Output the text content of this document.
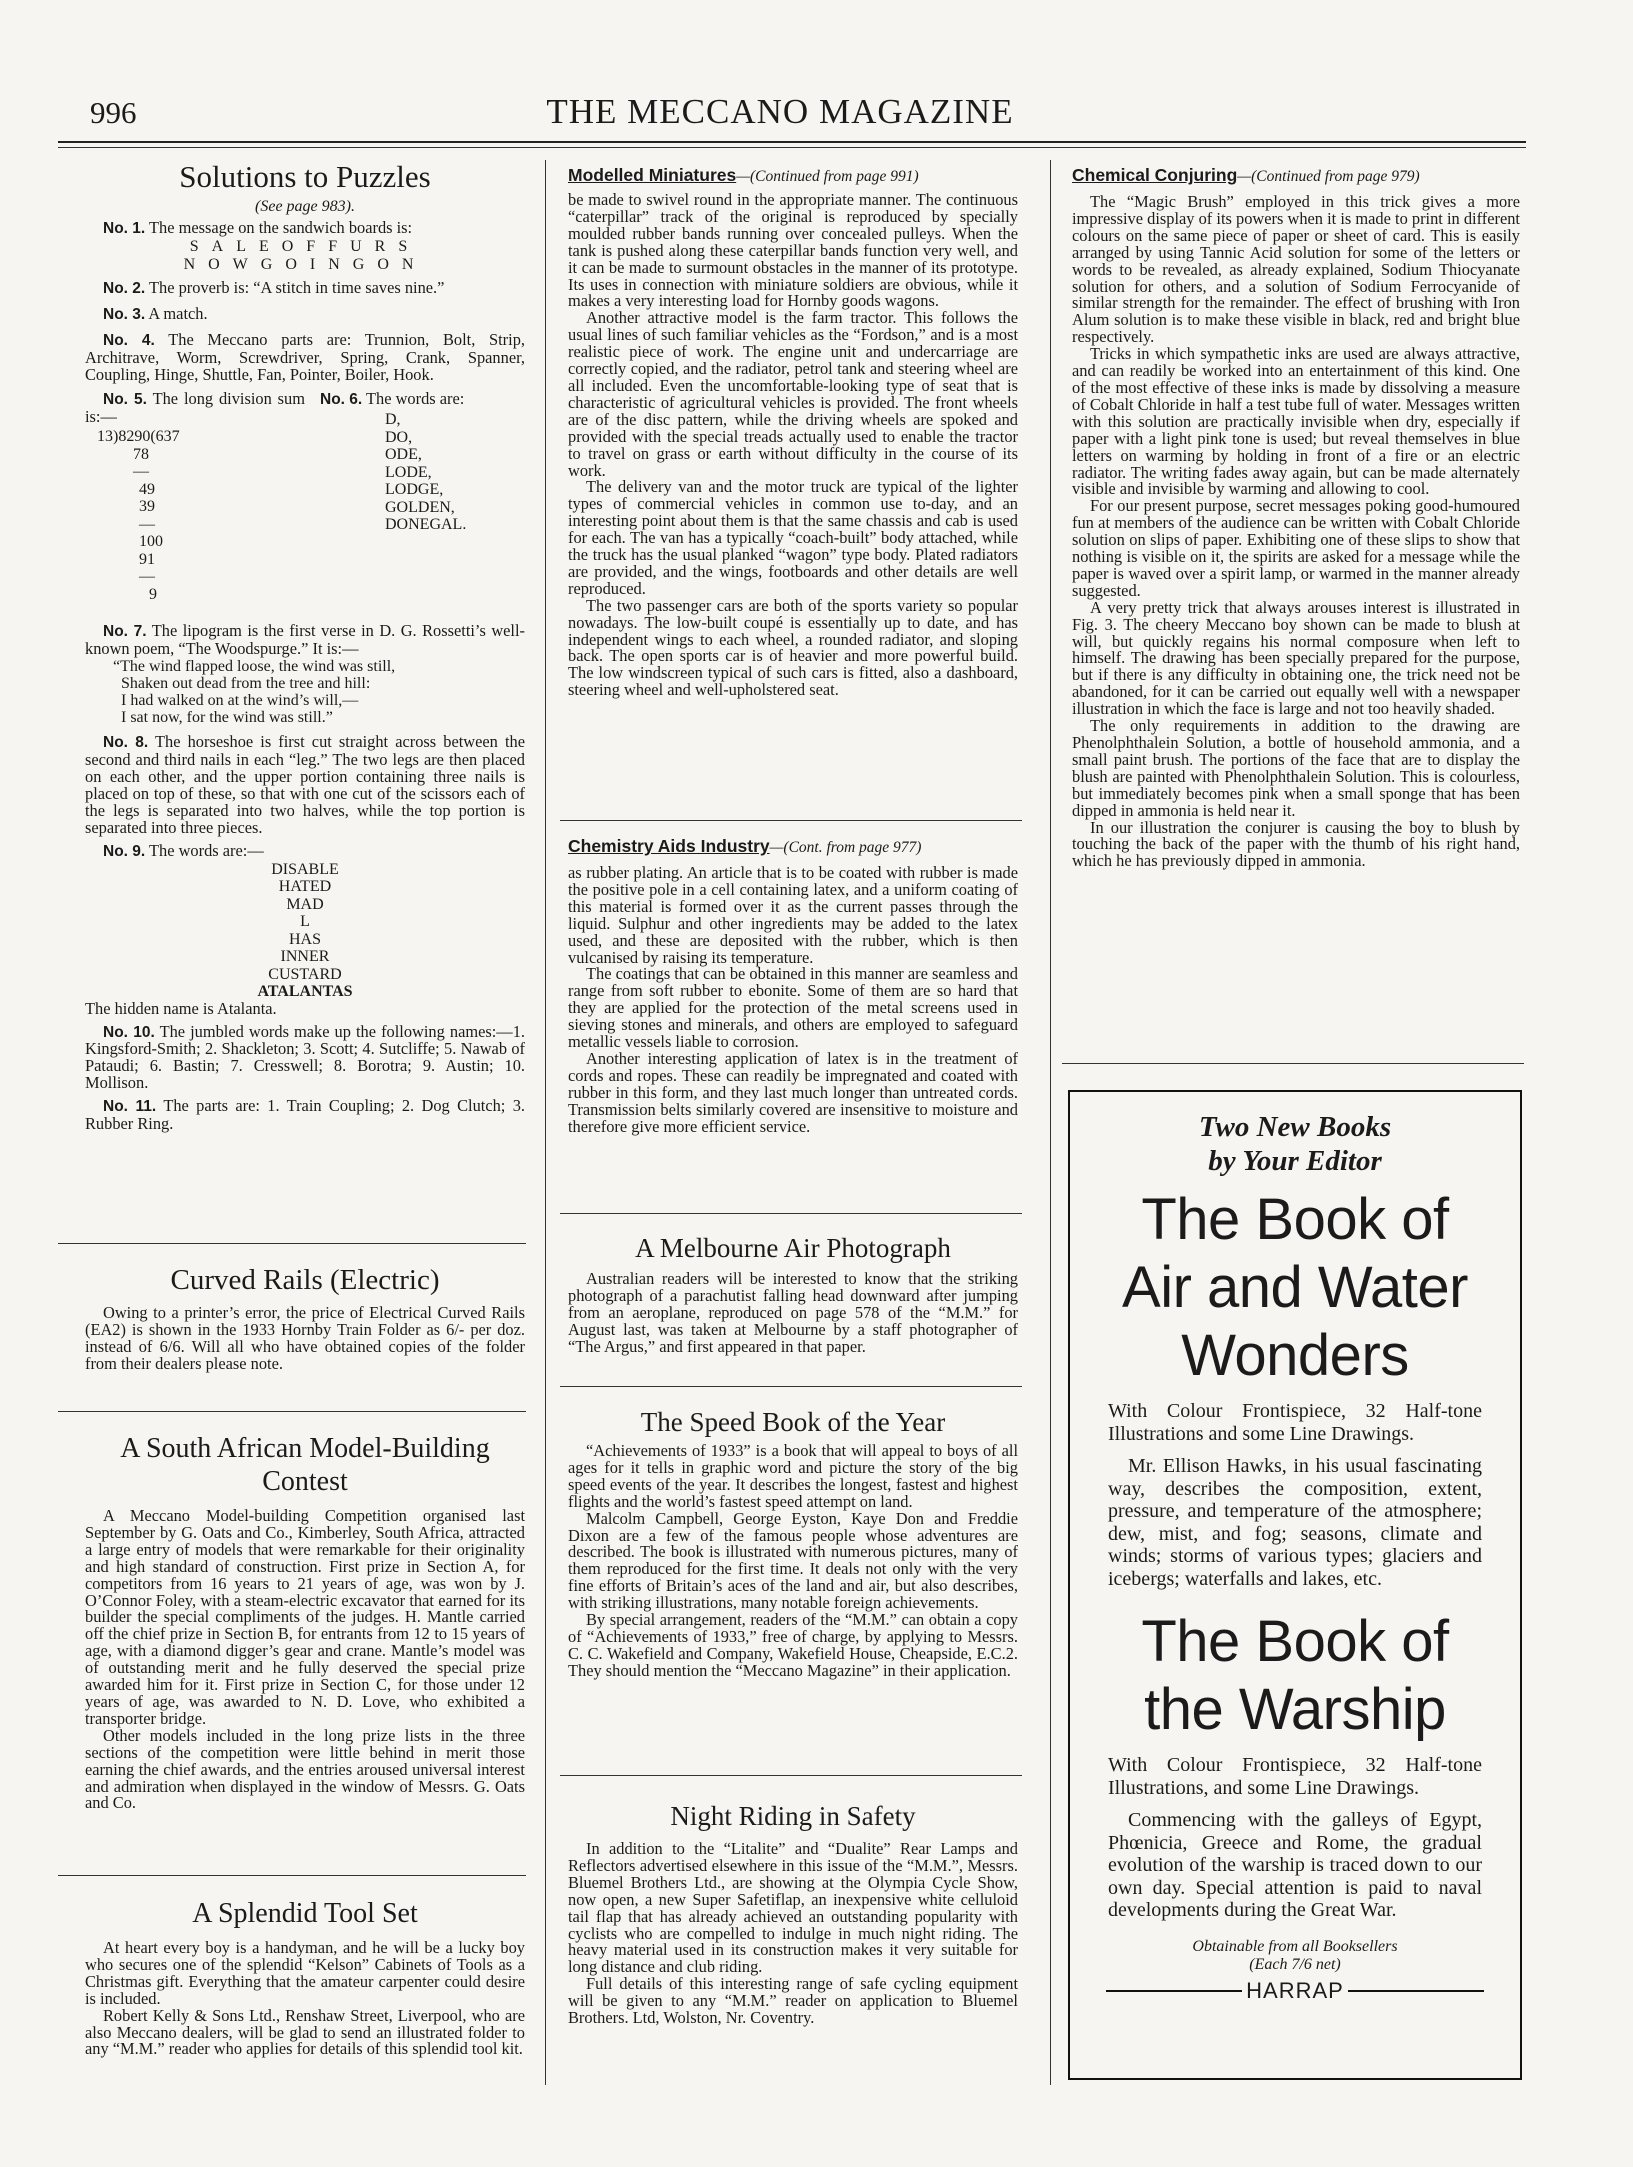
996	THE MECCANO MAGAZINE
Solutions to Puzzles
(See page 983).

No. 1. The message on the sandwich boards is:

SALEOFFURS
NOWGOINGON

No. 2. The proverb is: “A stitch in time saves nine.”

No. 3. A match.

No. 4. The Meccano parts are: Trunnion, Bolt, Strip, Architrave, Worm, Screwdriver, Spring, Crank, Spanner, Coupling, Hinge, Shuttle, Fan, Pointer, Boiler, Hook.

No. 5. The long division sum is:—

13)8290(637
78
—
49
39
—
100
91
—
9

No. 6. The words are:

D,
DO,
ODE,
LODE,
LODGE,
GOLDEN,
DONEGAL.

No. 7. The lipogram is the first verse in D. G. Rossetti’s well-known poem, “The Woodspurge.” It is:—

“The wind flapped loose, the wind was still,
Shaken out dead from the tree and hill:
I had walked on at the wind’s will,—
I sat now, for the wind was still.”

No. 8. The horseshoe is first cut straight across between the second and third nails in each “leg.” The two legs are then placed on each other, and the upper portion containing three nails is placed on top of these, so that with one cut of the scissors each of the legs is separated into two halves, while the top portion is separated into three pieces.

No. 9. The words are:—

DISABLE
HATED
MAD
L
HAS
INNER
CUSTARD
ATALANTAS

The hidden name is Atalanta.

No. 10. The jumbled words make up the following names:—1. Kingsford-Smith; 2. Shackleton; 3. Scott; 4. Sutcliffe; 5. Nawab of Pataudi; 6. Bastin; 7. Cresswell; 8. Borotra; 9. Austin; 10. Mollison.

No. 11. The parts are: 1. Train Coupling; 2. Dog Clutch; 3. Rubber Ring.

Curved Rails (Electric)

Owing to a printer’s error, the price of Electrical Curved Rails (EA2) is shown in the 1933 Hornby Train Folder as 6/- per doz. instead of 6/6. Will all who have obtained copies of the folder from their dealers please note.

A South African Model-Building Contest

A Meccano Model-building Competition organised last September by G. Oats and Co., Kimberley, South Africa, attracted a large entry of models that were remarkable for their originality and high standard of construction. First prize in Section A, for competitors from 16 years to 21 years of age, was won by J. O’Connor Foley, with a steam-electric excavator that earned for its builder the special compliments of the judges. H. Mantle carried off the chief prize in Section B, for entrants from 12 to 15 years of age, with a diamond digger’s gear and crane. Mantle’s model was of outstanding merit and he fully deserved the special prize awarded him for it. First prize in Section C, for those under 12 years of age, was awarded to N. D. Love, who exhibited a transporter bridge.

Other models included in the long prize lists in the three sections of the competition were little behind in merit those earning the chief awards, and the entries aroused universal interest and admiration when displayed in the window of Messrs. G. Oats and Co.

A Splendid Tool Set

At heart every boy is a handyman, and he will be a lucky boy who secures one of the splendid “Kelson” Cabinets of Tools as a Christmas gift. Everything that the amateur carpenter could desire is included.

Robert Kelly & Sons Ltd., Renshaw Street, Liverpool, who are also Meccano dealers, will be glad to send an illustrated folder to any “M.M.” reader who applies for details of this splendid tool kit.

Modelled Miniatures—(Continued from page 991)

be made to swivel round in the appropriate manner. The continuous “caterpillar” track of the original is reproduced by specially moulded rubber bands running over concealed pulleys. When the tank is pushed along these caterpillar bands function very well, and it can be made to surmount obstacles in the manner of its prototype. Its uses in connection with miniature soldiers are obvious, while it makes a very interesting load for Hornby goods wagons.

Another attractive model is the farm tractor. This follows the usual lines of such familiar vehicles as the “Fordson,” and is a most realistic piece of work. The engine unit and undercarriage are correctly copied, and the radiator, petrol tank and steering wheel are all included. Even the uncomfortable-looking type of seat that is characteristic of agricultural vehicles is provided. The front wheels are of the disc pattern, while the driving wheels are spoked and provided with the special treads actually used to enable the tractor to travel on grass or earth without difficulty in the course of its work.

The delivery van and the motor truck are typical of the lighter types of commercial vehicles in common use to-day, and an interesting point about them is that the same chassis and cab is used for each. The van has a typically “coach-built” body attached, while the truck has the usual planked “wagon” type body. Plated radiators are provided, and the wings, footboards and other details are well reproduced.

The two passenger cars are both of the sports variety so popular nowadays. The low-built coupé is essentially up to date, and has independent wings to each wheel, a rounded radiator, and sloping back. The open sports car is of heavier and more powerful build. The low windscreen typical of such cars is fitted, also a dashboard, steering wheel and well-upholstered seat.

Chemistry Aids Industry—(Cont. from page 977)

as rubber plating. An article that is to be coated with rubber is made the positive pole in a cell containing latex, and a uniform coating of this material is formed over it as the current passes through the liquid. Sulphur and other ingredients may be added to the latex used, and these are deposited with the rubber, which is then vulcanised by raising its temperature.

The coatings that can be obtained in this manner are seamless and range from soft rubber to ebonite. Some of them are so hard that they are applied for the protection of the metal screens used in sieving stones and minerals, and others are employed to safeguard metallic vessels liable to corrosion.

Another interesting application of latex is in the treatment of cords and ropes. These can readily be impregnated and coated with rubber in this form, and they last much longer than untreated cords. Transmission belts similarly covered are insensitive to moisture and therefore give more efficient service.

A Melbourne Air Photograph

Australian readers will be interested to know that the striking photograph of a parachutist falling head downward after jumping from an aeroplane, reproduced on page 578 of the “M.M.” for August last, was taken at Melbourne by a staff photographer of “The Argus,” and first appeared in that paper.

The Speed Book of the Year

“Achievements of 1933” is a book that will appeal to boys of all ages for it tells in graphic word and picture the story of the big speed events of the year. It describes the longest, fastest and highest flights and the world’s fastest speed attempt on land.

Malcolm Campbell, George Eyston, Kaye Don and Freddie Dixon are a few of the famous people whose adventures are described. The book is illustrated with numerous pictures, many of them reproduced for the first time. It deals not only with the very fine efforts of Britain’s aces of the land and air, but also describes, with striking illustrations, many notable foreign achievements.

By special arrangement, readers of the “M.M.” can obtain a copy of “Achievements of 1933,” free of charge, by applying to Messrs. C. C. Wakefield and Company, Wakefield House, Cheapside, E.C.2. They should mention the “Meccano Magazine” in their application.

Night Riding in Safety

In addition to the “Litalite” and “Dualite” Rear Lamps and Reflectors advertised elsewhere in this issue of the “M.M.”, Messrs. Bluemel Brothers Ltd., are showing at the Olympia Cycle Show, now open, a new Super Safetiflap, an inexpensive white celluloid tail flap that has already achieved an outstanding popularity with cyclists who are compelled to indulge in much night riding. The heavy material used in its construction makes it very suitable for long distance and club riding.

Full details of this interesting range of safe cycling equipment will be given to any “M.M.” reader on application to Bluemel Brothers. Ltd, Wolston, Nr. Coventry.

Chemical Conjuring—(Continued from page 979)

The “Magic Brush” employed in this trick gives a more impressive display of its powers when it is made to print in different colours on the same piece of paper or sheet of card. This is easily arranged by using Tannic Acid solution for some of the letters or words to be revealed, as already explained, Sodium Thiocyanate solution for others, and a solution of Sodium Ferrocyanide of similar strength for the remainder. The effect of brushing with Iron Alum solution is to make these visible in black, red and bright blue respectively.

Tricks in which sympathetic inks are used are always attractive, and can readily be worked into an entertainment of this kind. One of the most effective of these inks is made by dissolving a measure of Cobalt Chloride in half a test tube full of water. Messages written with this solution are practically invisible when dry, especially if paper with a light pink tone is used; but reveal themselves in blue letters on warming by holding in front of a fire or an electric radiator. The writing fades away again, but can be made alternately visible and invisible by warming and allowing to cool.

For our present purpose, secret messages poking good-humoured fun at members of the audience can be written with Cobalt Chloride solution on slips of paper. Exhibiting one of these slips to show that nothing is visible on it, the spirits are asked for a message while the paper is waved over a spirit lamp, or warmed in the manner already suggested.

A very pretty trick that always arouses interest is illustrated in Fig. 3. The cheery Meccano boy shown can be made to blush at will, but quickly regains his normal composure when left to himself. The drawing has been specially prepared for the purpose, but if there is any difficulty in obtaining one, the trick need not be abandoned, for it can be carried out equally well with a newspaper illustration in which the face is large and not too heavily shaded.

The only requirements in addition to the drawing are Phenolphthalein Solution, a bottle of household ammonia, and a small paint brush. The portions of the face that are to display the blush are painted with Phenolphthalein Solution. This is colourless, but immediately becomes pink when a small sponge that has been dipped in ammonia is held near it.

In our illustration the conjurer is causing the boy to blush by touching the back of the paper with the thumb of his right hand, which he has previously dipped in ammonia.

Two New Books
by Your Editor
The Book of
Air and Water
Wonders

With Colour Frontispiece, 32 Half-tone Illustrations and some Line Drawings.

Mr. Ellison Hawks, in his usual fascinating way, describes the composition, extent, pressure, and temperature of the atmosphere; dew, mist, and fog; seasons, climate and winds; storms of various types; glaciers and icebergs; waterfalls and lakes, etc.

The Book of
the Warship

With Colour Frontispiece, 32 Half-tone Illustrations, and some Line Drawings.

Commencing with the galleys of Egypt, Phœnicia, Greece and Rome, the gradual evolution of the warship is traced down to our own day. Special attention is paid to naval developments during the Great War.

Obtainable from all Booksellers
(Each 7/6 net)
HARRAP
